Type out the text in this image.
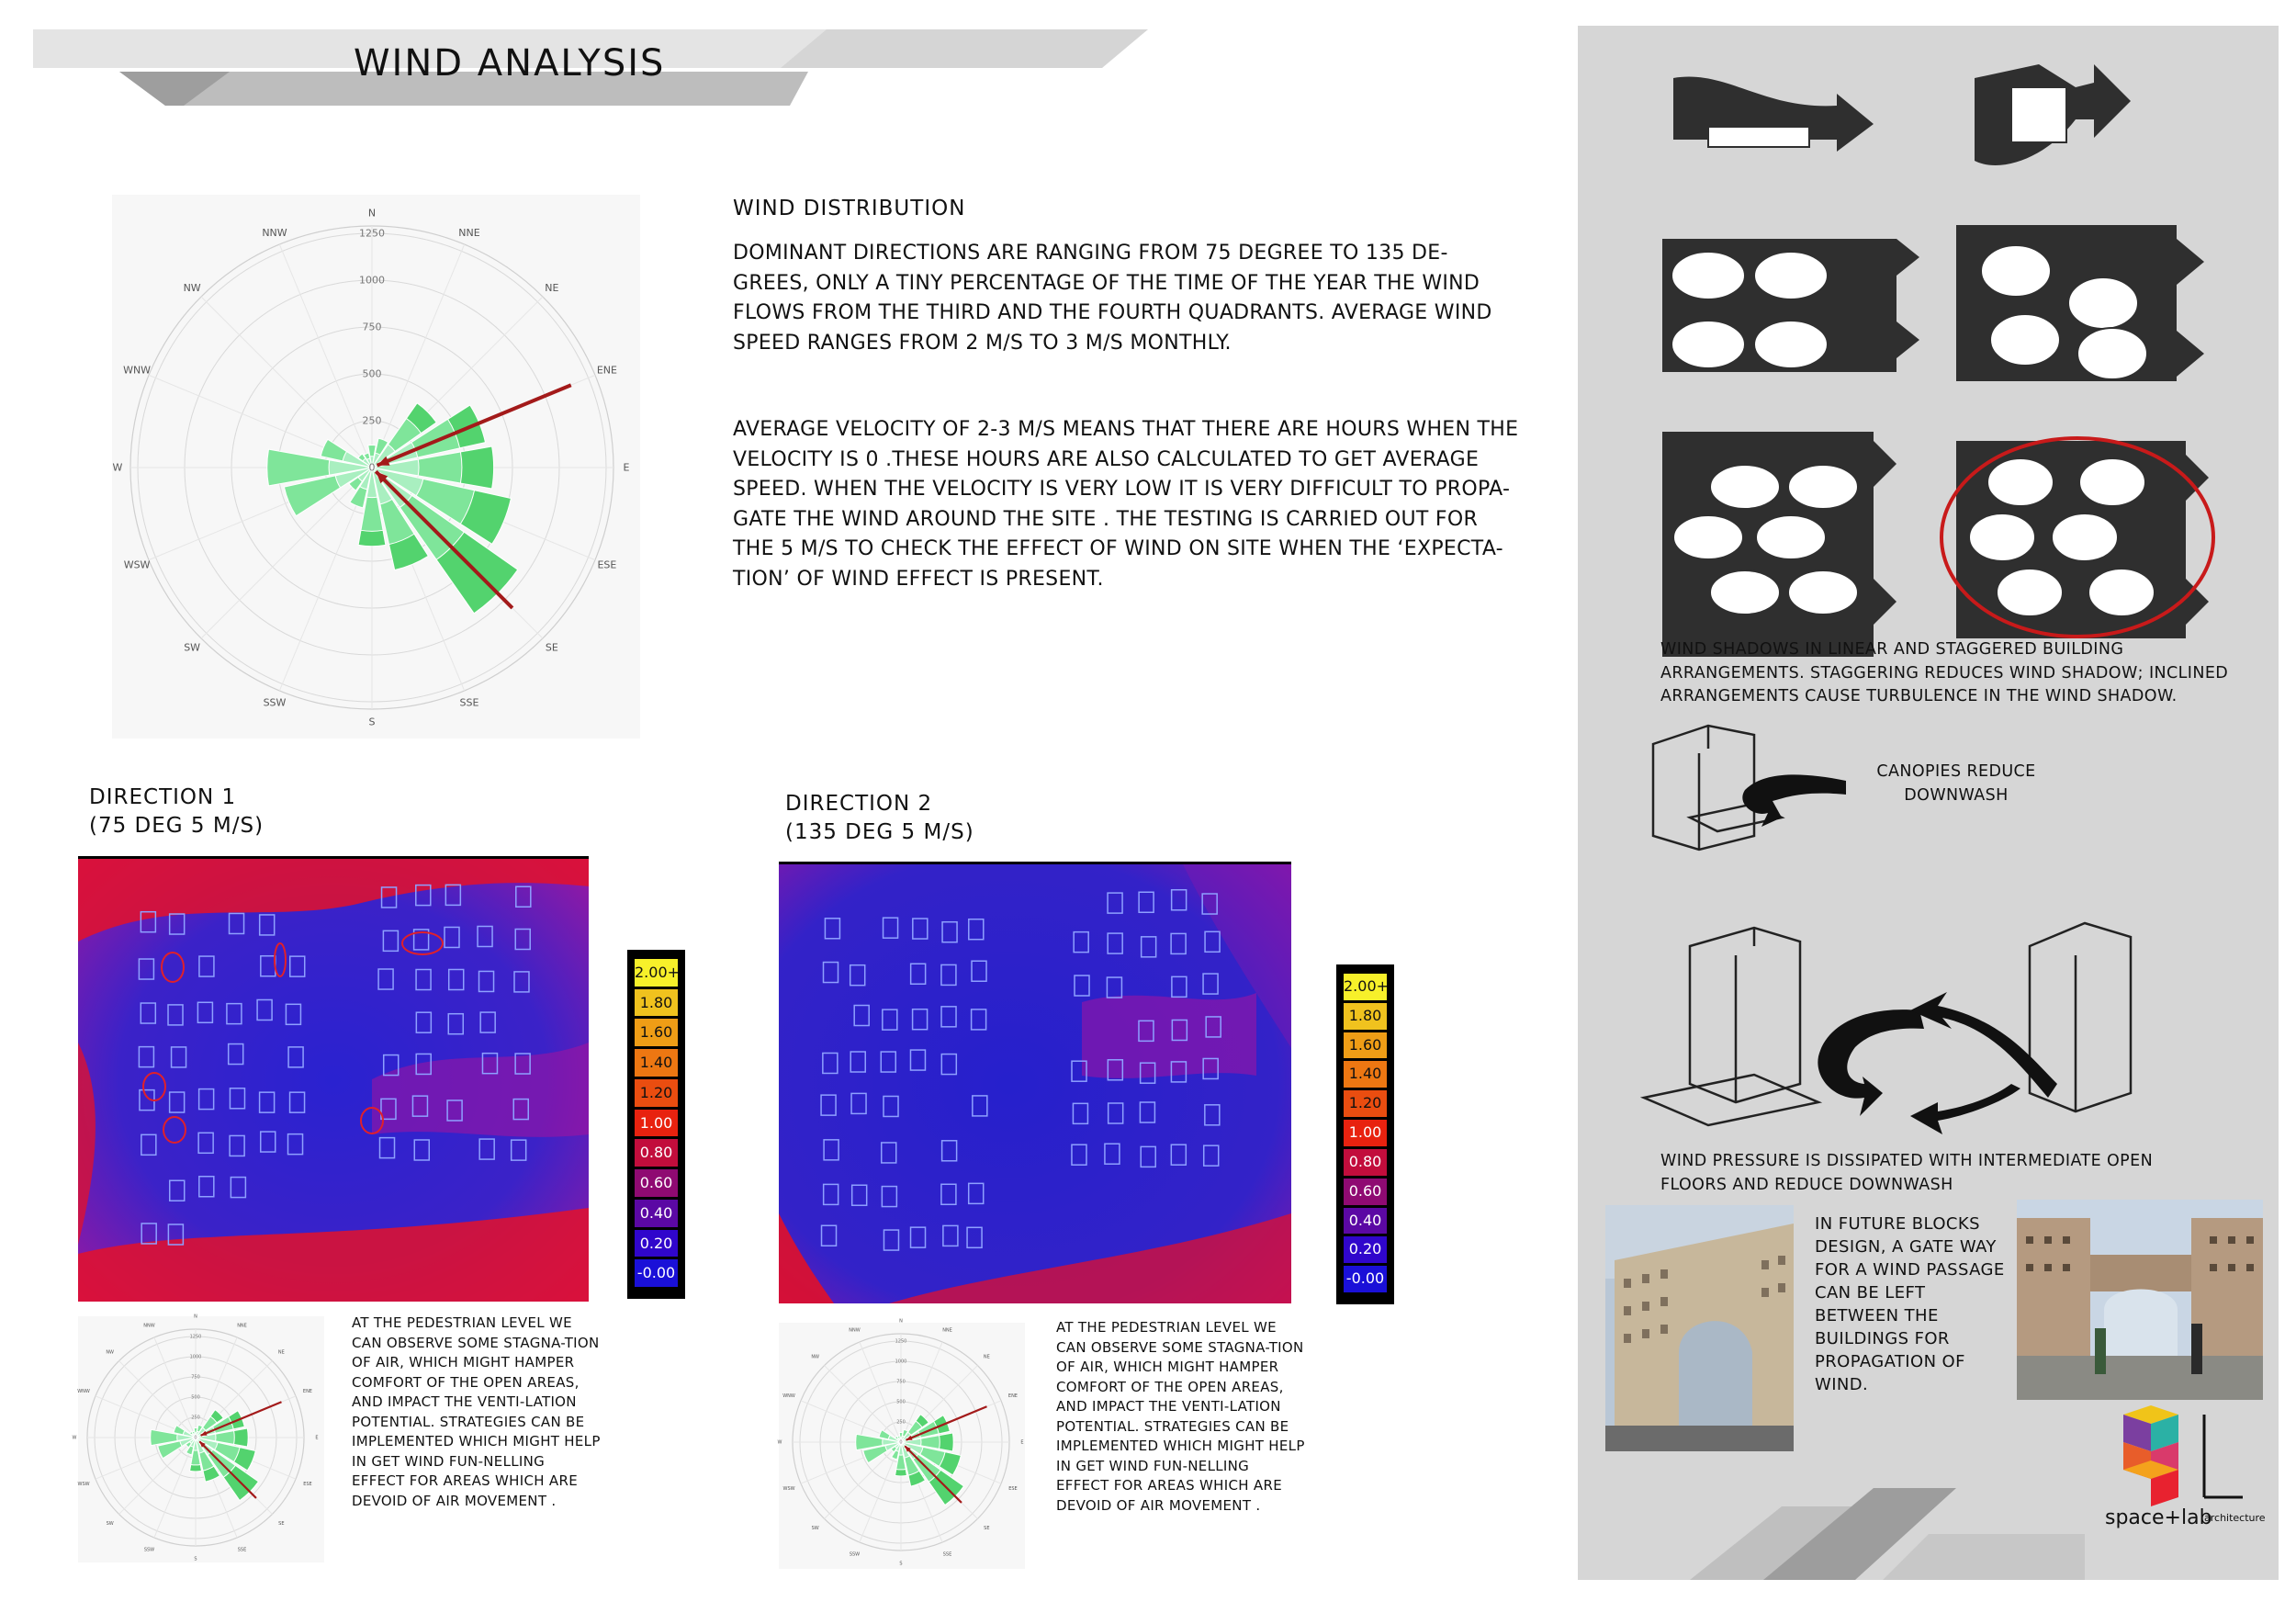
WIND ANALYSIS
N
NNE
NE
ENE
E
ESE
SE
SSE
S
SSW
SW
WSW
W
WNW
NW
NNW
0
250
500
750
1000
1250
WIND DISTRIBUTION
DOMINANT DIRECTIONS ARE RANGING FROM 75 DEGREE TO 135 DE-GREES, ONLY A TINY PERCENTAGE OF THE TIME OF THE YEAR THE WIND FLOWS FROM THE THIRD AND THE FOURTH QUADRANTS. AVERAGE WIND SPEED RANGES FROM 2 M/S TO 3 M/S MONTHLY.
AVERAGE VELOCITY OF 2-3 M/S MEANS THAT THERE ARE HOURS WHEN THE VELOCITY IS 0 .THESE HOURS ARE ALSO CALCULATED TO GET AVERAGE SPEED. WHEN THE VELOCITY IS VERY LOW IT IS VERY DIFFICULT TO PROPA-GATE THE WIND AROUND THE SITE . THE TESTING IS CARRIED OUT FOR THE 5 M/S TO CHECK THE EFFECT OF WIND ON SITE WHEN THE ‘EXPECTA-TION’ OF WIND EFFECT IS PRESENT.
DIRECTION 1
(75 DEG 5 M/S)
2.00+
1.80
1.60
1.40
1.20
1.00
0.80
0.60
0.40
0.20
-0.00
N
NNE
NE
ENE
E
ESE
SE
SSE
S
SSW
SW
WSW
W
WNW
NW
NNW
0
250
500
750
1000
1250
AT THE PEDESTRIAN LEVEL WE CAN OBSERVE SOME STAGNA-TION OF AIR, WHICH MIGHT HAMPER COMFORT OF THE OPEN AREAS, AND IMPACT THE VENTI-LATION POTENTIAL. STRATEGIES CAN BE IMPLEMENTED WHICH MIGHT HELP IN GET WIND FUN-NELLING EFFECT FOR AREAS WHICH ARE DEVOID OF AIR MOVEMENT .
DIRECTION 2
(135 DEG 5 M/S)
2.00+
1.80
1.60
1.40
1.20
1.00
0.80
0.60
0.40
0.20
-0.00
N
NNE
NE
ENE
E
ESE
SE
SSE
S
SSW
SW
WSW
W
WNW
NW
NNW
0
250
500
750
1000
1250
AT THE PEDESTRIAN LEVEL WE CAN OBSERVE SOME STAGNA-TION OF AIR, WHICH MIGHT HAMPER COMFORT OF THE OPEN AREAS, AND IMPACT THE VENTI-LATION POTENTIAL. STRATEGIES CAN BE IMPLEMENTED WHICH MIGHT HELP IN GET WIND FUN-NELLING EFFECT FOR AREAS WHICH ARE DEVOID OF AIR MOVEMENT .
WIND SHADOWS IN LINEAR AND STAGGERED BUILDING ARRANGEMENTS. STAGGERING REDUCES WIND SHADOW; INCLINED ARRANGEMENTS CAUSE TURBULENCE IN THE WIND SHADOW.
CANOPIES REDUCE DOWNWASH
WIND PRESSURE IS DISSIPATED WITH INTERMEDIATE OPEN FLOORS AND REDUCE DOWNWASH
IN FUTURE BLOCKS DESIGN, A GATE WAY FOR A WIND PASSAGE CAN BE LEFT BETWEEN THE BUILDINGS FOR PROPAGATION OF WIND.
space+lab
architecture
